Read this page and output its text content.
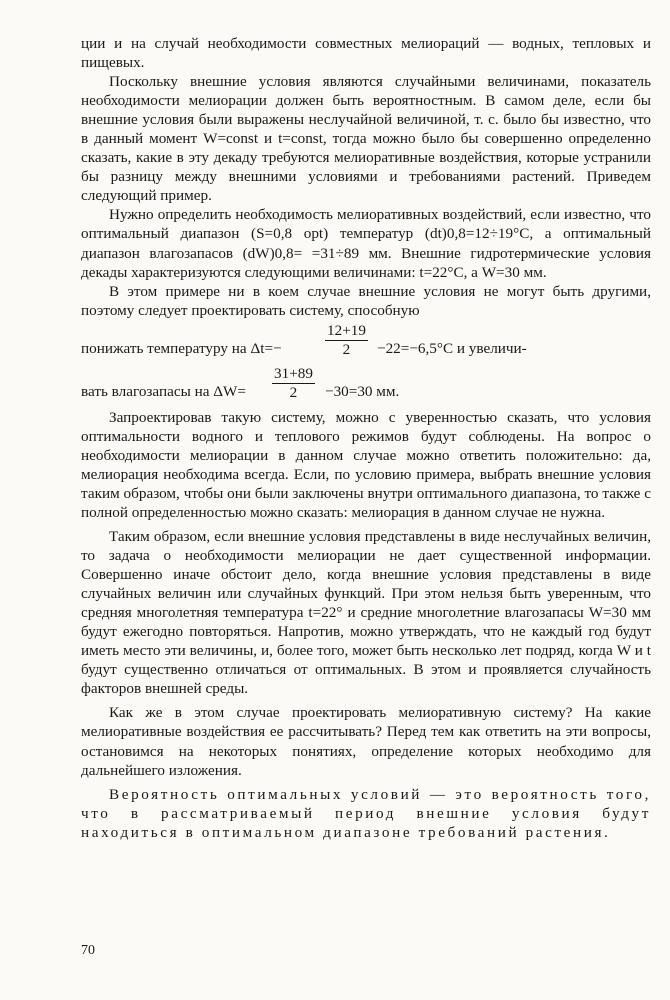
ции и на случай необходимости совместных мелиораций — водных, тепловых и пищевых.

Поскольку внешние условия являются случайными величинами, показатель необходимости мелиорации должен быть вероятностным. В самом деле, если бы внешние условия были выражены неслучайной величиной, т. с. было бы известно, что в данный момент W=const и t=const, тогда можно было бы совершенно определенно сказать, какие в эту декаду требуются мелиоративные воздействия, которые устранили бы разницу между внешними условиями и требованиями растений. Приведем следующий пример.

Нужно определить необходимость мелиоративных воздействий, если известно, что оптимальный диапазон (S=0,8 opt) температур (dt)0,8=12÷19°С, а оптимальный диапазон влагозапасов (dW)0,8= =31÷89 мм. Внешние гидротермические условия декады характеризуются следующими величинами: t=22°С, а W=30 мм.

В этом примере ни в коем случае внешние условия не могут быть другими, поэтому следует проектировать систему, способную

понижать температуру на Δt=−	$\frac{12+19}{2} -22=-6,5^\circ С$ и увеличи-
вать влагозапасы на $\Delta W= \frac{31+89}{2} -30=30$ мм.

Запроектировав такую систему, можно с уверенностью сказать, что условия оптимальности водного и теплового режимов будут соблюдены. На вопрос о необходимости мелиорации в данном случае можно ответить положительно: да, мелиорация необходима всегда. Если, по условию примера, выбрать внешние условия таким образом, чтобы они были заключены внутри оптимального диапазона, то также с полной определенностью можно сказать: мелиорация в данном случае не нужна.

Таким образом, если внешние условия представлены в виде неслучайных величин, то задача о необходимости мелиорации не дает существенной информации. Совершенно иначе обстоит дело, когда внешние условия представлены в виде случайных величин или случайных функций. При этом нельзя быть уверенным, что средняя многолетняя температура t=22° и средние многолетние влагозапасы W=30 мм будут ежегодно повторяться. Напротив, можно утверждать, что не каждый год будут иметь место эти величины, и, более того, может быть несколько лет подряд, когда W и t будут существенно отличаться от оптимальных. В этом и проявляется случайность факторов внешней среды.

Как же в этом случае проектировать мелиоративную систему? На какие мелиоративные воздействия ее рассчитывать? Перед тем как ответить на эти вопросы, остановимся на некоторых понятиях, определение которых необходимо для дальнейшего изложения.

Вероятность оптимальных условий — это вероятность того, что в рассматриваемый период внешние условия будут находиться в оптимальном диапазоне требований растения.

70
